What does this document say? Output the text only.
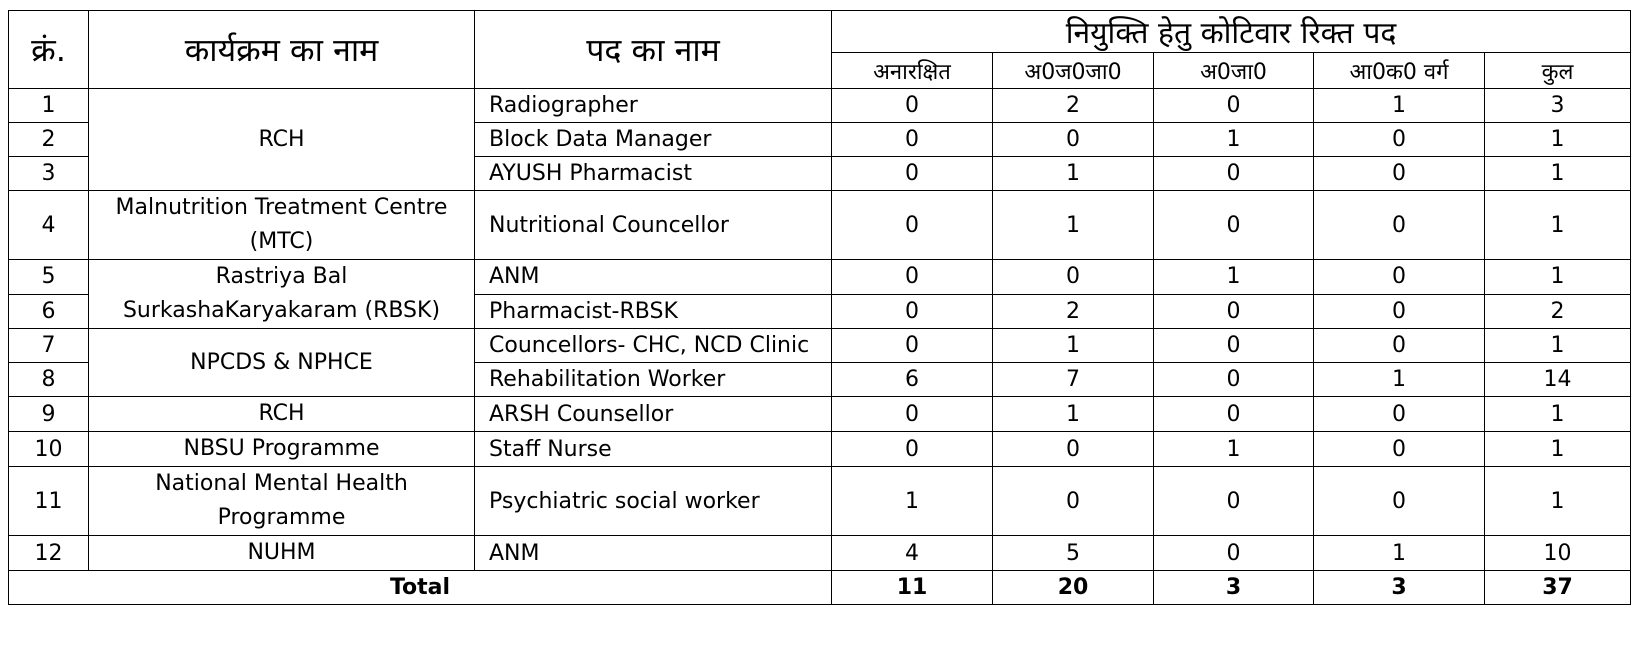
क्रं.	कार्यक्रम का नाम	पद का नाम	नियुक्ति हेतु कोटिवार रिक्त पद				
			अनारक्षित	अ0ज0जा0	अ0जा0	आ0क0 वर्ग	कुल
1	RCH	Radiographer	0	2	0	1	3
2		Block Data Manager	0	0	1	0	1
3		AYUSH Pharmacist	0	1	0	0	1
4	Malnutrition Treatment Centre (MTC)	Nutritional Councellor	0	1	0	0	1
5	Rastriya Bal SurkashaKaryakaram (RBSK)	ANM	0	0	1	0	1
6		Pharmacist-RBSK	0	2	0	0	2
7	NPCDS & NPHCE	Councellors- CHC, NCD Clinic	0	1	0	0	1
8		Rehabilitation Worker	6	7	0	1	14
9	RCH	ARSH Counsellor	0	1	0	0	1
10	NBSU Programme	Staff Nurse	0	0	1	0	1
11	National Mental Health Programme	Psychiatric social worker	1	0	0	0	1
12	NUHM	ANM	4	5	0	1	10
Total			11	20	3	3	37
